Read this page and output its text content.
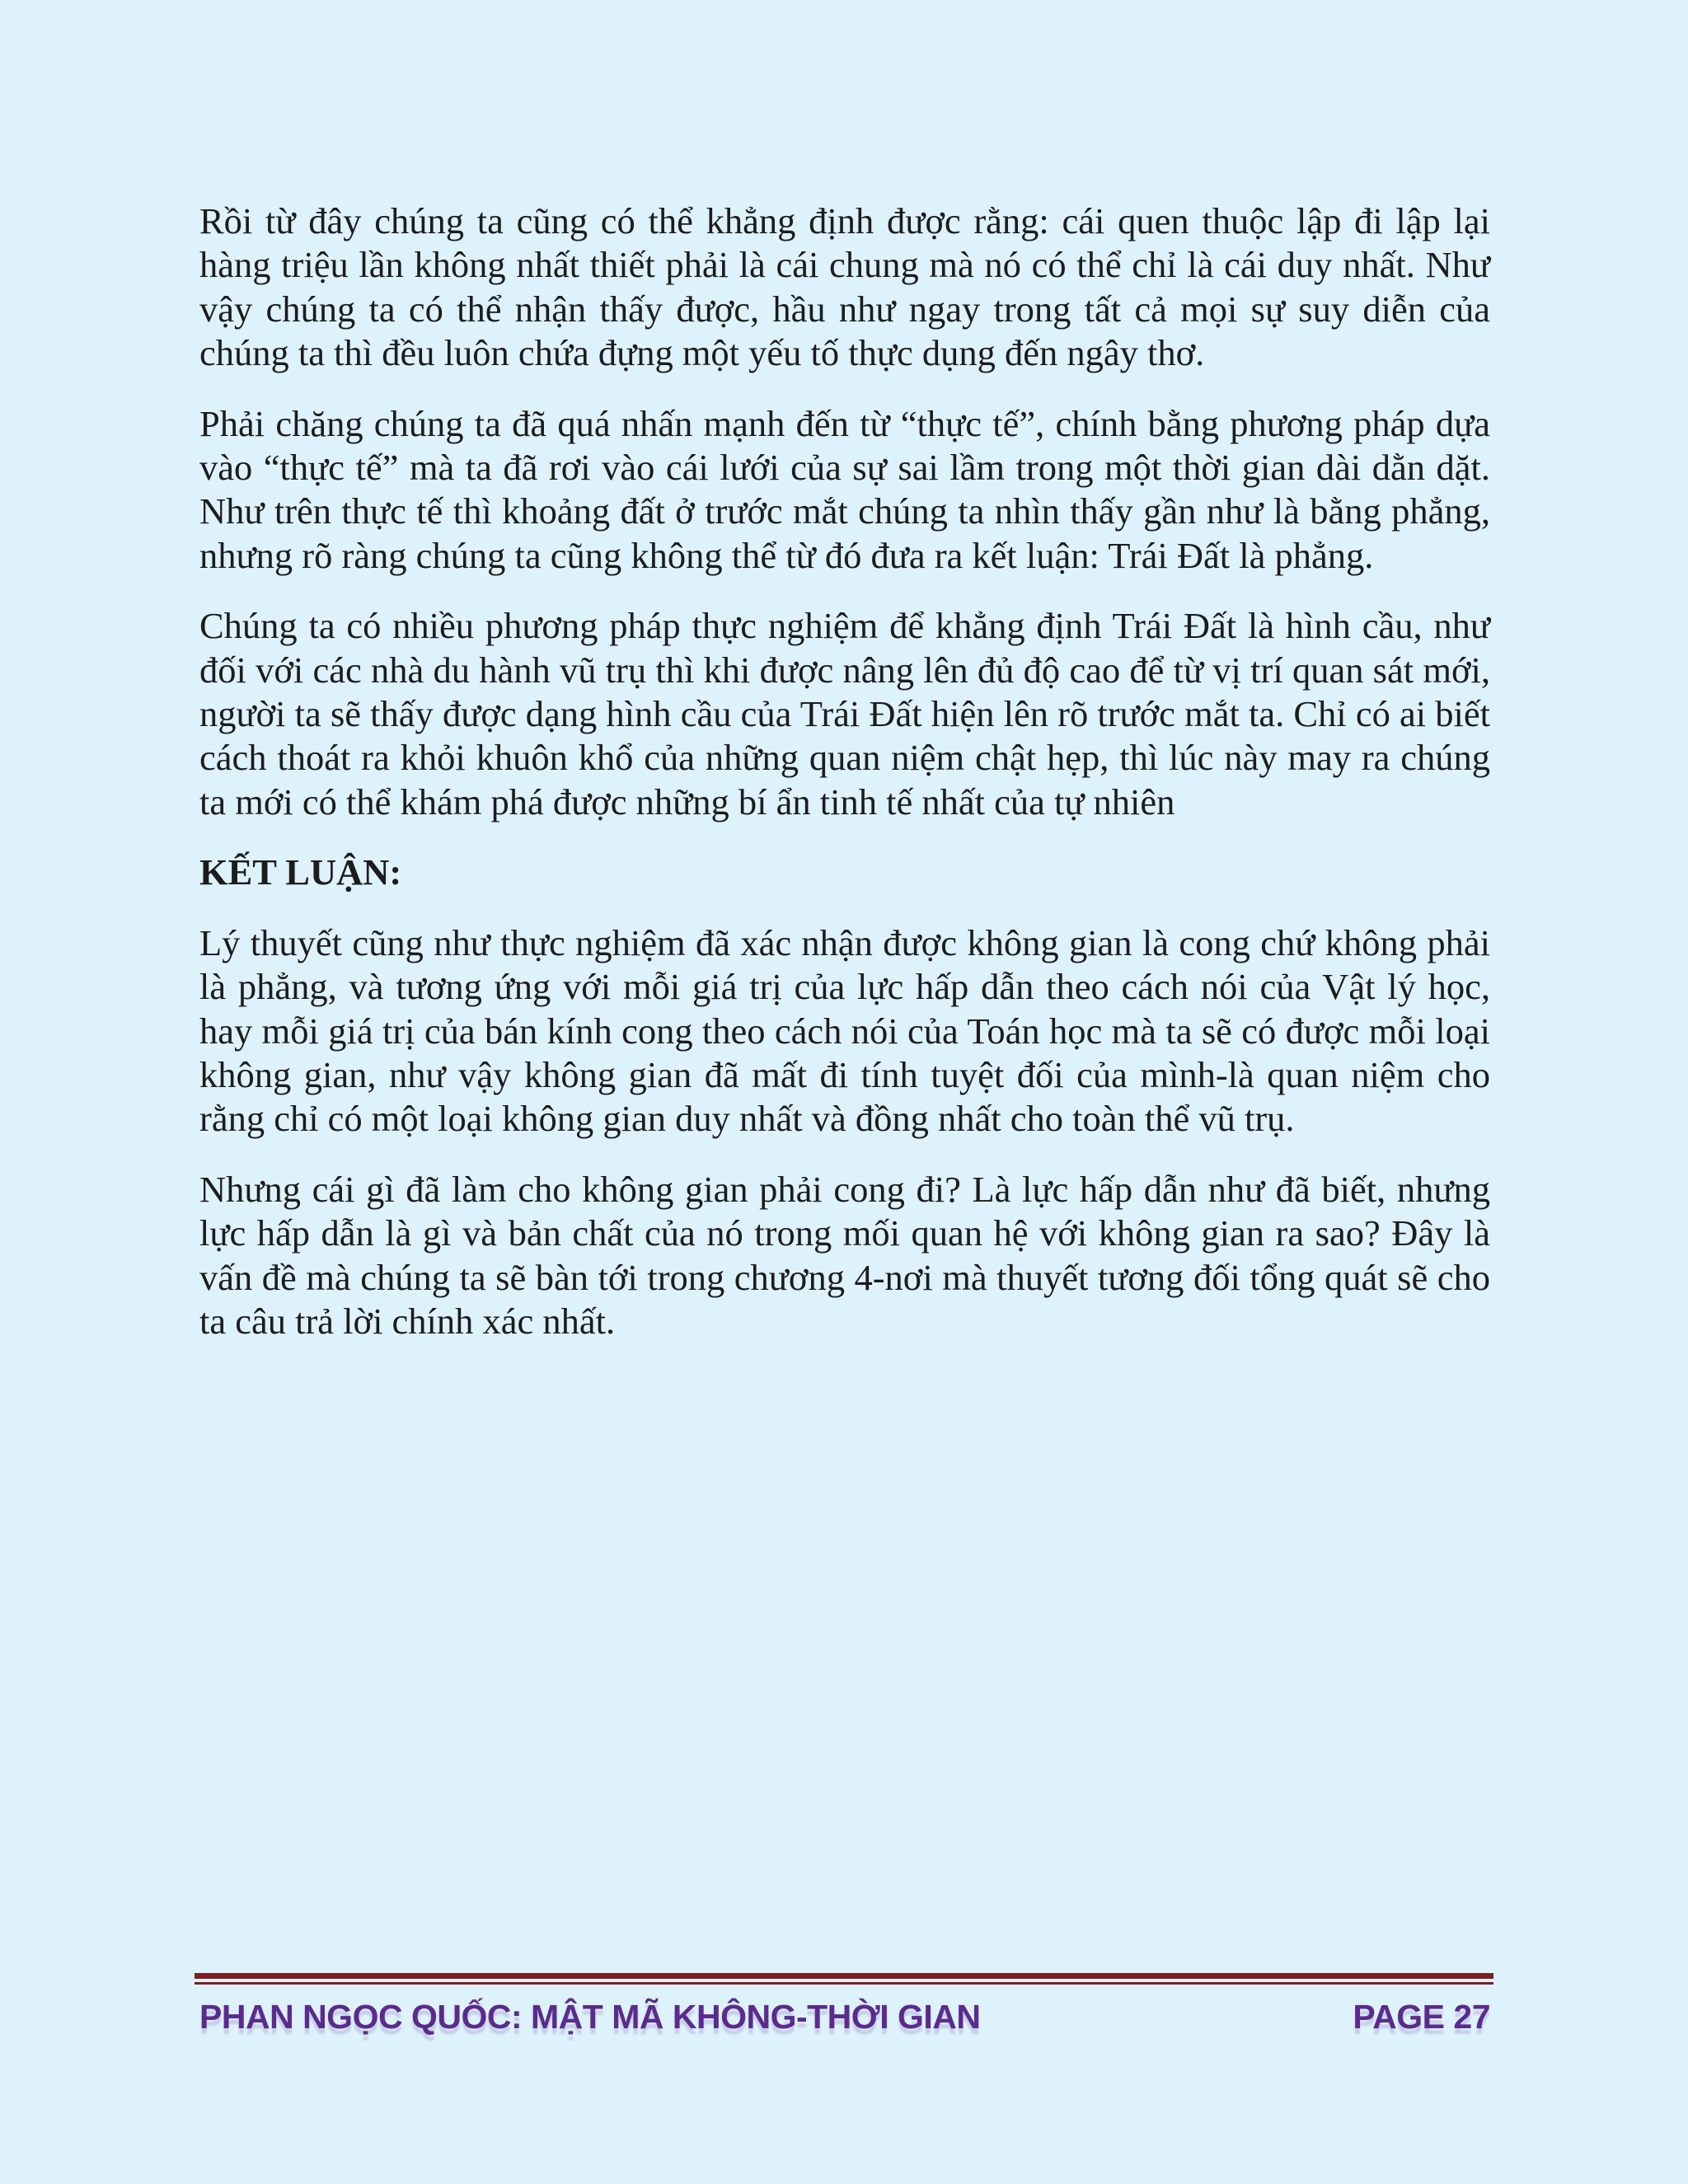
Rồi từ đây chúng ta cũng có thể khẳng định được rằng: cái quen thuộc lập đi lập lại hàng triệu lần không nhất thiết phải là cái chung mà nó có thể chỉ là cái duy nhất. Như vậy chúng ta có thể nhận thấy được, hầu như ngay trong tất cả mọi sự suy diễn của chúng ta thì đều luôn chứa đựng một yếu tố thực dụng đến ngây thơ.

Phải chăng chúng ta đã quá nhấn mạnh đến từ “thực tế”, chính bằng phương pháp dựa vào “thực tế” mà ta đã rơi vào cái lưới của sự sai lầm trong một thời gian dài dằn dặt. Như trên thực tế thì khoảng đất ở trước mắt chúng ta nhìn thấy gần như là bằng phẳng, nhưng rõ ràng chúng ta cũng không thể từ đó đưa ra kết luận: Trái Đất là phẳng.

Chúng ta có nhiều phương pháp thực nghiệm để khẳng định Trái Đất là hình cầu, như đối với các nhà du hành vũ trụ thì khi được nâng lên đủ độ cao để từ vị trí quan sát mới, người ta sẽ thấy được dạng hình cầu của Trái Đất hiện lên rõ trước mắt ta. Chỉ có ai biết cách thoát ra khỏi khuôn khổ của những quan niệm chật hẹp, thì lúc này may ra chúng ta mới có thể khám phá được những bí ẩn tinh tế nhất của tự nhiên

KẾT LUẬN:

Lý thuyết cũng như thực nghiệm đã xác nhận được không gian là cong chứ không phải là phẳng, và tương ứng với mỗi giá trị của lực hấp dẫn theo cách nói của Vật lý học, hay mỗi giá trị của bán kính cong theo cách nói của Toán học mà ta sẽ có được mỗi loại không gian, như vậy không gian đã mất đi tính tuyệt đối của mình-là quan niệm cho rằng chỉ có một loại không gian duy nhất và đồng nhất cho toàn thể vũ trụ.

Nhưng cái gì đã làm cho không gian phải cong đi? Là lực hấp dẫn như đã biết, nhưng lực hấp dẫn là gì và bản chất của nó trong mối quan hệ với không gian ra sao? Đây là vấn đề mà chúng ta sẽ bàn tới trong chương 4-nơi mà thuyết tương đối tổng quát sẽ cho ta câu trả lời chính xác nhất.

PHAN NGỌC QUỐC: MẬT MÃ KHÔNG-THỜI GIAN	PAGE 27
